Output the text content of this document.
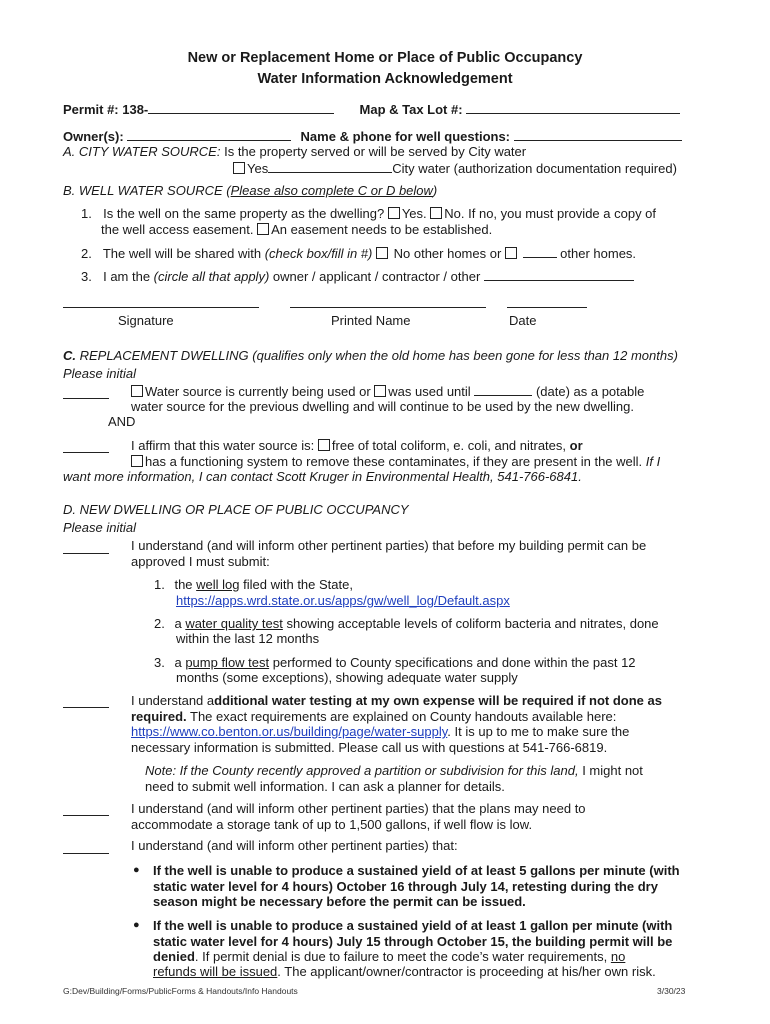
New or Replacement Home or Place of Public Occupancy
Water Information Acknowledgement
Permit #: 138-	Map & Tax Lot #:
Owner(s):	Name & phone for well questions:
A. CITY WATER SOURCE: Is the property served or will be served by City water
Yes	City water (authorization documentation required)
B. WELL WATER SOURCE (Please also complete C or D below)
1. Is the well on the same property as the dwelling? Yes. No. If no, you must provide a copy of
the well access easement. An easement needs to be established.
2. The well will be shared with (check box/fill in #) No other homes or	other homes.
3. I am the (circle all that apply) owner / applicant / contractor / other
Signature	Printed Name	Date
C. REPLACEMENT DWELLING (qualifies only when the old home has been gone for less than 12 months)
Please initial
Water source is currently being used or was used until	(date) as a potable
water source for the previous dwelling and will continue to be used by the new dwelling.
AND
I affirm that this water source is: free of total coliform, e. coli, and nitrates, or
has a functioning system to remove these contaminates, if they are present in the well. If I
want more information, I can contact Scott Kruger in Environmental Health, 541-766-6841.
D. NEW DWELLING OR PLACE OF PUBLIC OCCUPANCY
Please initial
I understand (and will inform other pertinent parties) that before my building permit can be
approved I must submit:
1. the well log filed with the State,
https://apps.wrd.state.or.us/apps/gw/well_log/Default.aspx
2. a water quality test showing acceptable levels of coliform bacteria and nitrates, done
within the last 12 months
3. a pump flow test performed to County specifications and done within the past 12
months (some exceptions), showing adequate water supply
I understand additional water testing at my own expense will be required if not done as
required. The exact requirements are explained on County handouts available here:
https://www.co.benton.or.us/building/page/water-supply. It is up to me to make sure the
necessary information is submitted. Please call us with questions at 541-766-6819.
Note: If the County recently approved a partition or subdivision for this land, I might not
need to submit well information. I can ask a planner for details.
I understand (and will inform other pertinent parties) that the plans may need to
accommodate a storage tank of up to 1,500 gallons, if well flow is low.
I understand (and will inform other pertinent parties) that:
● If the well is unable to produce a sustained yield of at least 5 gallons per minute (with
static water level for 4 hours) October 16 through July 14, retesting during the dry
season might be necessary before the permit can be issued.
● If the well is unable to produce a sustained yield of at least 1 gallon per minute (with
static water level for 4 hours) July 15 through October 15, the building permit will be
denied. If permit denial is due to failure to meet the code’s water requirements, no
refunds will be issued. The applicant/owner/contractor is proceeding at his/her own risk.
G:Dev/Building/Forms/PublicForms & Handouts/Info Handouts	3/30/23
